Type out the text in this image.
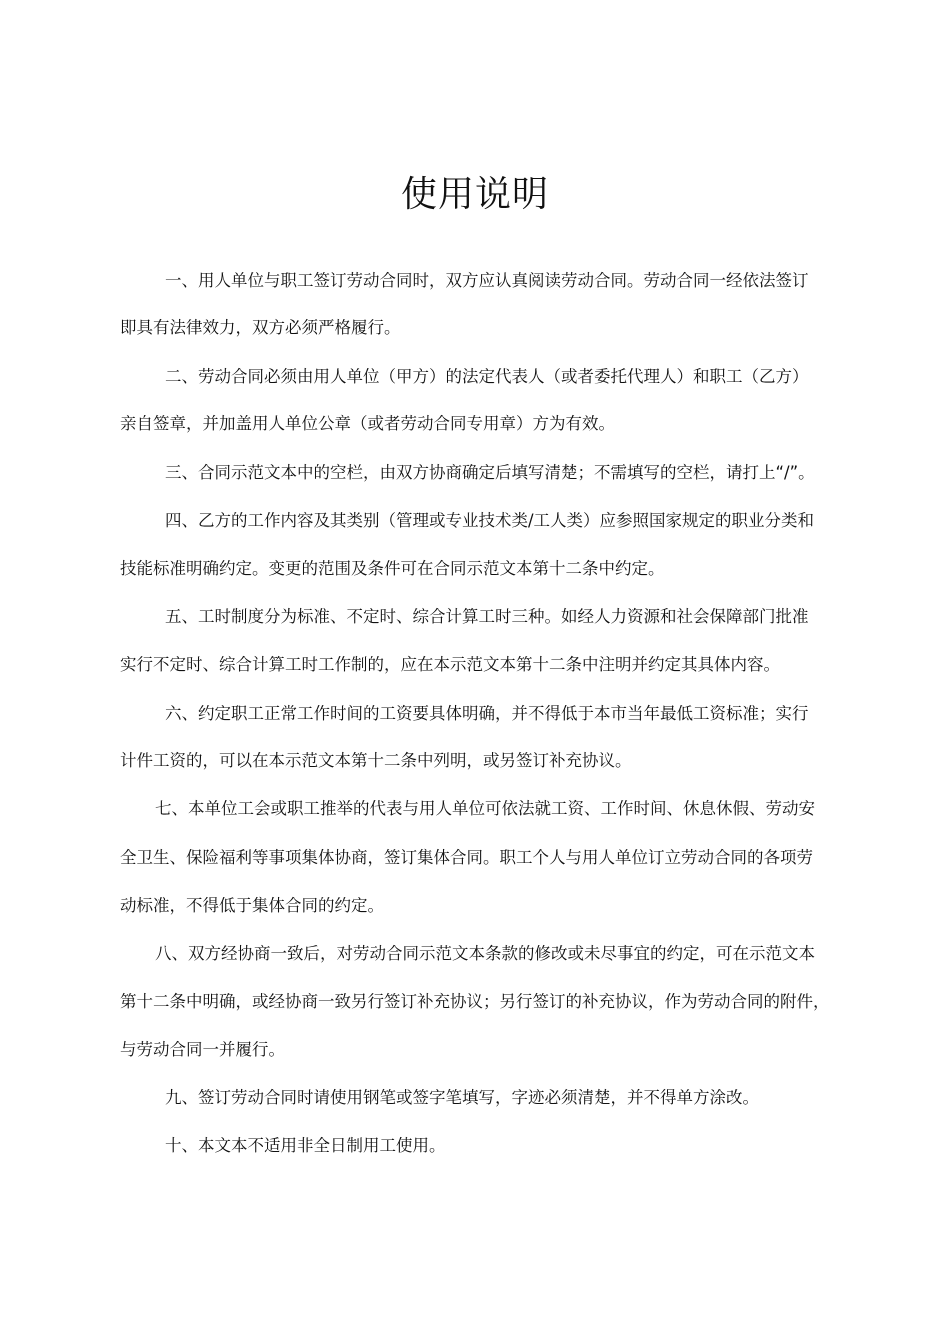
使用说明

一、用人单位与职工签订劳动合同时，双方应认真阅读劳动合同。劳动合同一经依法签订

即具有法律效力，双方必须严格履行。

二、劳动合同必须由用人单位（甲方）的法定代表人（或者委托代理人）和职工（乙方）

亲自签章，并加盖用人单位公章（或者劳动合同专用章）方为有效。

三、合同示范文本中的空栏，由双方协商确定后填写清楚；不需填写的空栏，请打上“/”。

四、乙方的工作内容及其类别（管理或专业技术类/工人类）应参照国家规定的职业分类和

技能标准明确约定。变更的范围及条件可在合同示范文本第十二条中约定。

五、工时制度分为标准、不定时、综合计算工时三种。如经人力资源和社会保障部门批准

实行不定时、综合计算工时工作制的，应在本示范文本第十二条中注明并约定其具体内容。

六、约定职工正常工作时间的工资要具体明确，并不得低于本市当年最低工资标准；实行

计件工资的，可以在本示范文本第十二条中列明，或另签订补充协议。

七、本单位工会或职工推举的代表与用人单位可依法就工资、工作时间、休息休假、劳动安

全卫生、保险福利等事项集体协商，签订集体合同。职工个人与用人单位订立劳动合同的各项劳

动标准，不得低于集体合同的约定。

八、双方经协商一致后，对劳动合同示范文本条款的修改或未尽事宜的约定，可在示范文本

第十二条中明确，或经协商一致另行签订补充协议；另行签订的补充协议，作为劳动合同的附件，

与劳动合同一并履行。

九、签订劳动合同时请使用钢笔或签字笔填写，字迹必须清楚，并不得单方涂改。

十、本文本不适用非全日制用工使用。
